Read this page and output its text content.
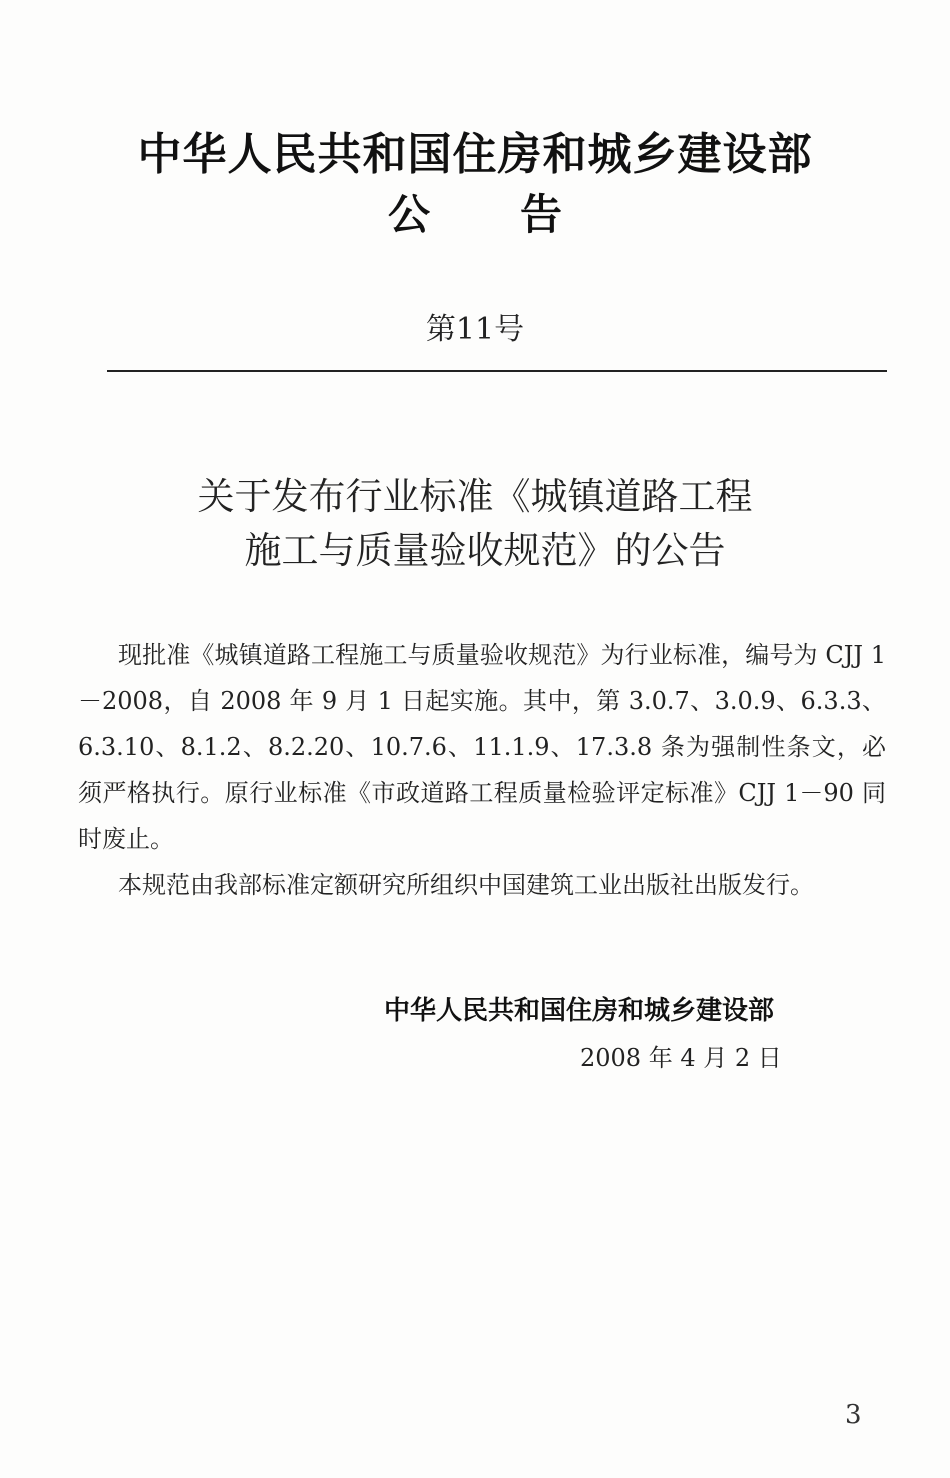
中华人民共和国住房和城乡建设部
公告
第11号
关于发布行业标准《城镇道路工程
施工与质量验收规范》的公告

现批准《城镇道路工程施工与质量验收规范》为行业标准，编号为 CJJ 1－2008，自 2008 年 9 月 1 日起实施。其中，第 3.0.7、3.0.9、6.3.3、6.3.10、8.1.2、8.2.20、10.7.6、11.1.9、17.3.8 条为强制性条文，必须严格执行。原行业标准《市政道路工程质量检验评定标准》CJJ 1－90 同时废止。

本规范由我部标准定额研究所组织中国建筑工业出版社出版发行。

中华人民共和国住房和城乡建设部
2008 年 4 月 2 日
3
